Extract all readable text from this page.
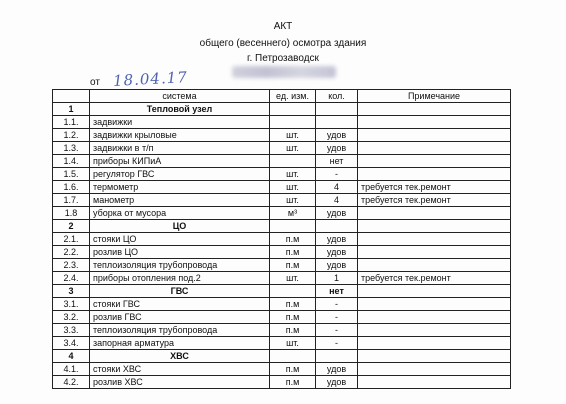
АКТ
общего (весеннего) осмотра здания
г. Петрозаводск
от 18.04.17
	система	ед. изм.	кол.	Примечание
1	Тепловой узел			
1.1.	задвижки			
1.2.	задвижки крыловые	шт.	удов	
1.3.	задвижки в т/п	шт.	удов	
1.4.	приборы КИПиА		нет	
1.5.	регулятор ГВС	шт.	-	
1.6.	термометр	шт.	4	требуется тек.ремонт
1.7.	манометр	шт.	4	требуется тек.ремонт
1.8	уборка от мусора	м³	удов	
2	ЦО			
2.1.	стояки ЦО	п.м	удов	
2.2.	розлив ЦО	п.м	удов	
2.3.	теплоизоляция трубопровода	п.м	удов	
2.4.	приборы отопления под.2	шт.	1	требуется тек.ремонт
3	ГВС		нет	
3.1.	стояки ГВС	п.м	-	
3.2.	розлив ГВС	п.м	-	
3.3.	теплоизоляция трубопровода	п.м	-	
3.4.	запорная арматура	шт.	-	
4	ХВС			
4.1.	стояки ХВС	п.м	удов	
4.2.	розлив ХВС	п.м	удов	
